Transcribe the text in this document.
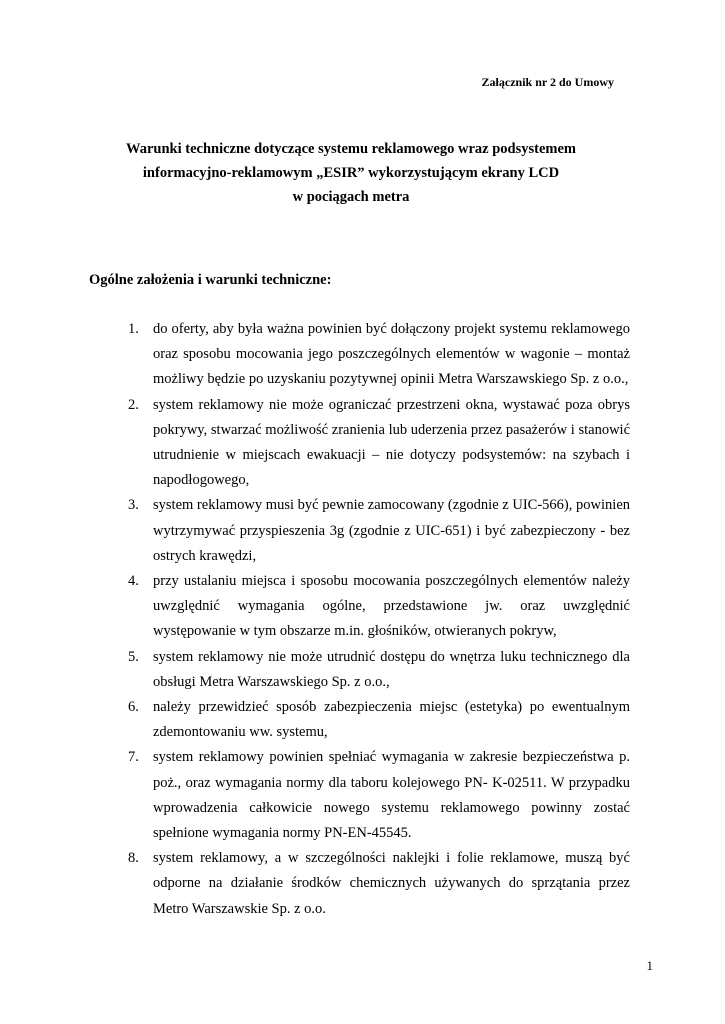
Załącznik nr 2 do Umowy
Warunki techniczne dotyczące systemu reklamowego wraz podsystemem
informacyjno-reklamowym „ESIR” wykorzystującym ekrany LCD
w pociągach metra
Ogólne założenia i warunki techniczne:
1. do oferty, aby była ważna powinien być dołączony projekt systemu reklamowego oraz sposobu mocowania jego poszczególnych elementów w wagonie – montaż możliwy będzie po uzyskaniu pozytywnej opinii Metra Warszawskiego Sp. z o.o.,
2. system reklamowy nie może ograniczać przestrzeni okna, wystawać poza obrys pokrywy, stwarzać możliwość zranienia lub uderzenia przez pasażerów i stanowić utrudnienie w miejscach ewakuacji – nie dotyczy podsystemów: na szybach i napodłogowego,
3. system reklamowy musi być pewnie zamocowany (zgodnie z UIC-566), powinien wytrzymywać przyspieszenia 3g (zgodnie z UIC-651) i być zabezpieczony - bez ostrych krawędzi,
4. przy ustalaniu miejsca i sposobu mocowania poszczególnych elementów należy uwzględnić wymagania ogólne, przedstawione jw. oraz uwzględnić występowanie w tym obszarze m.in. głośników, otwieranych pokryw,
5. system reklamowy nie może utrudnić dostępu do wnętrza luku technicznego dla obsługi Metra Warszawskiego Sp. z o.o.,
6. należy przewidzieć sposób zabezpieczenia miejsc (estetyka) po ewentualnym zdemontowaniu ww. systemu,
7. system reklamowy powinien spełniać wymagania w zakresie bezpieczeństwa p. poż., oraz wymagania normy dla taboru kolejowego PN- K-02511. W przypadku wprowadzenia całkowicie nowego systemu reklamowego powinny zostać spełnione wymagania normy PN-EN-45545.
8. system reklamowy, a w szczególności naklejki i folie reklamowe, muszą być odporne na działanie środków chemicznych używanych do sprzątania przez Metro Warszawskie Sp. z o.o.
1
